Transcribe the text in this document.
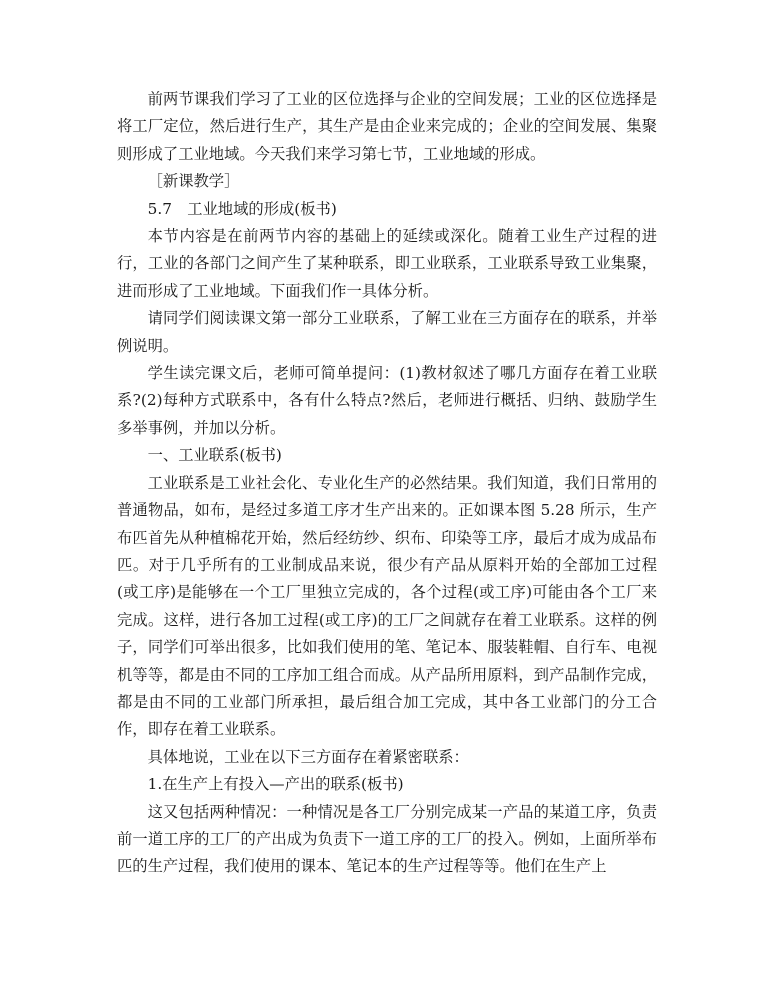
前两节课我们学习了工业的区位选择与企业的空间发展；工业的区位选择是将工厂定位，然后进行生产，其生产是由企业来完成的；企业的空间发展、集聚则形成了工业地域。今天我们来学习第七节，工业地域的形成。

［新课教学］

5.7　工业地域的形成(板书)

本节内容是在前两节内容的基础上的延续或深化。随着工业生产过程的进行，工业的各部门之间产生了某种联系，即工业联系，工业联系导致工业集聚，进而形成了工业地域。下面我们作一具体分析。

请同学们阅读课文第一部分工业联系，了解工业在三方面存在的联系，并举例说明。

学生读完课文后，老师可简单提问：(1)教材叙述了哪几方面存在着工业联系?(2)每种方式联系中，各有什么特点?然后，老师进行概括、归纳、鼓励学生多举事例，并加以分析。

一、工业联系(板书)

工业联系是工业社会化、专业化生产的必然结果。我们知道，我们日常用的普通物品，如布，是经过多道工序才生产出来的。正如课本图 5.28 所示，生产布匹首先从种植棉花开始，然后经纺纱、织布、印染等工序，最后才成为成品布匹。对于几乎所有的工业制成品来说，很少有产品从原料开始的全部加工过程(或工序)是能够在一个工厂里独立完成的，各个过程(或工序)可能由各个工厂来完成。这样，进行各加工过程(或工序)的工厂之间就存在着工业联系。这样的例子，同学们可举出很多，比如我们使用的笔、笔记本、服装鞋帽、自行车、电视机等等，都是由不同的工序加工组合而成。从产品所用原料，到产品制作完成，都是由不同的工业部门所承担，最后组合加工完成，其中各工业部门的分工合作，即存在着工业联系。

具体地说，工业在以下三方面存在着紧密联系：

1.在生产上有投入—产出的联系(板书)

这又包括两种情况：一种情况是各工厂分别完成某一产品的某道工序，负责前一道工序的工厂的产出成为负责下一道工序的工厂的投入。例如，上面所举布匹的生产过程，我们使用的课本、笔记本的生产过程等等。他们在生产上
